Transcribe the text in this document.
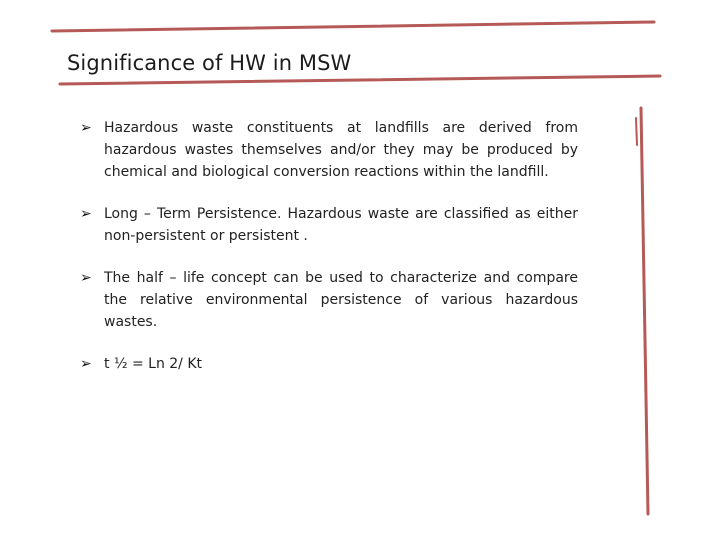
Significance of HW in MSW
➢ Hazardous waste constituents at landfills are derived from hazardous wastes themselves and/or they may be produced by chemical and biological conversion reactions within the landfill.
➢ Long – Term Persistence. Hazardous waste are classified as either non-persistent or persistent .
➢ The half – life concept can be used to characterize and compare the relative environmental persistence of various hazardous wastes.
➢ t ½ = Ln 2/ Kt
